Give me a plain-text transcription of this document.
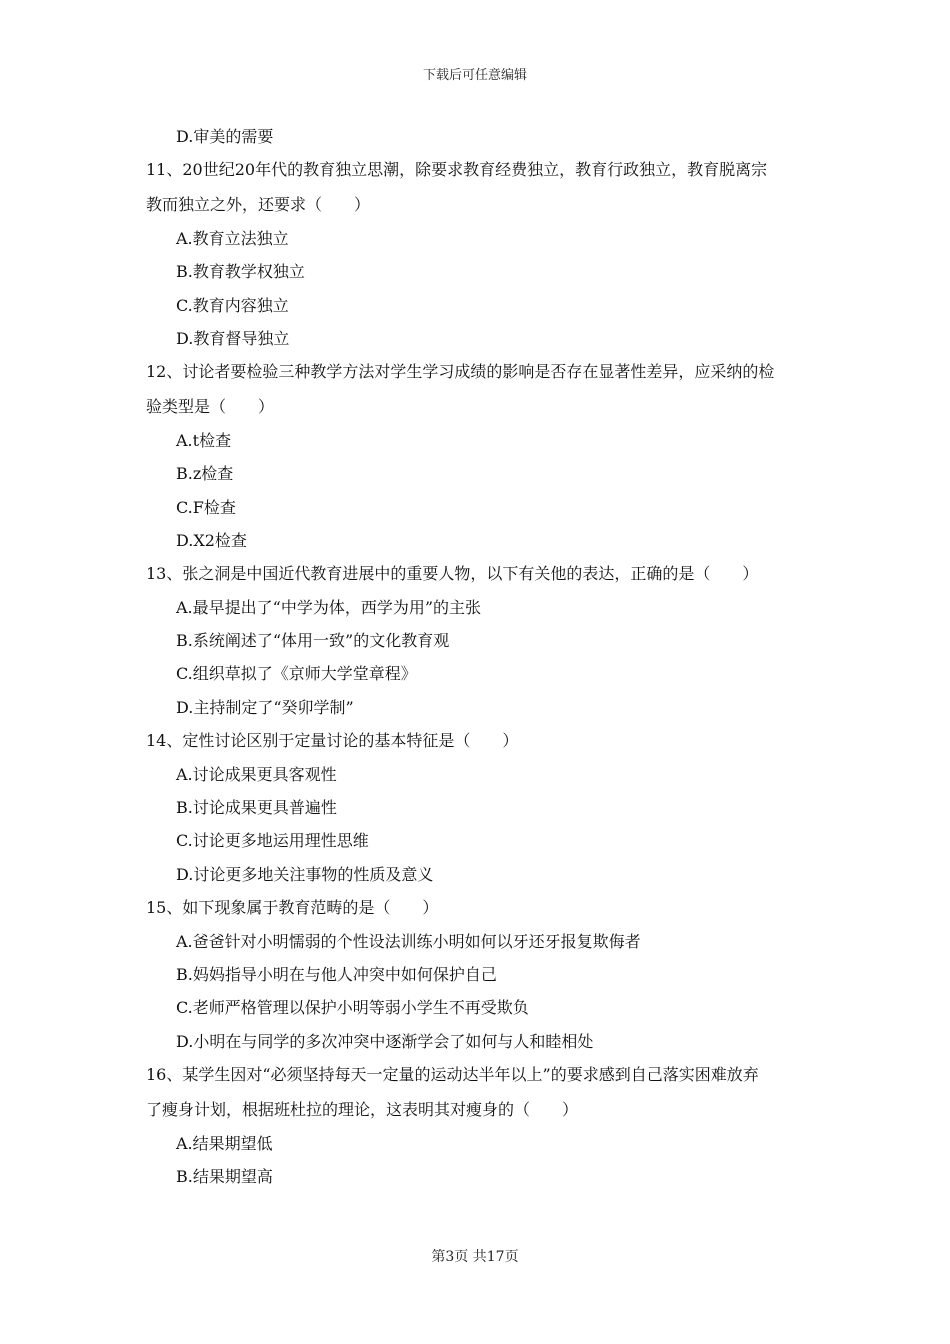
下载后可任意编辑
D.审美的需要
11、20世纪20年代的教育独立思潮，除要求教育经费独立，教育行政独立，教育脱离宗
教而独立之外，还要求（　　）
A.教育立法独立
B.教育教学权独立
C.教育内容独立
D.教育督导独立
12、讨论者要检验三种教学方法对学生学习成绩的影响是否存在显著性差异，应采纳的检
验类型是（　　）
A.t检查
B.z检查
C.F检查
D.X2检查
13、张之洞是中国近代教育进展中的重要人物，以下有关他的表达，正确的是（　　）
A.最早提出了“中学为体，西学为用”的主张
B.系统阐述了“体用一致”的文化教育观
C.组织草拟了《京师大学堂章程》
D.主持制定了“癸卯学制”
14、定性讨论区别于定量讨论的基本特征是（　　）
A.讨论成果更具客观性
B.讨论成果更具普遍性
C.讨论更多地运用理性思维
D.讨论更多地关注事物的性质及意义
15、如下现象属于教育范畴的是（　　）
A.爸爸针对小明懦弱的个性设法训练小明如何以牙还牙报复欺侮者
B.妈妈指导小明在与他人冲突中如何保护自己
C.老师严格管理以保护小明等弱小学生不再受欺负
D.小明在与同学的多次冲突中逐渐学会了如何与人和睦相处
16、某学生因对“必须坚持每天一定量的运动达半年以上”的要求感到自己落实困难放弃
了瘦身计划，根据班杜拉的理论，这表明其对瘦身的（　　）
A.结果期望低
B.结果期望高
第3页 共17页
